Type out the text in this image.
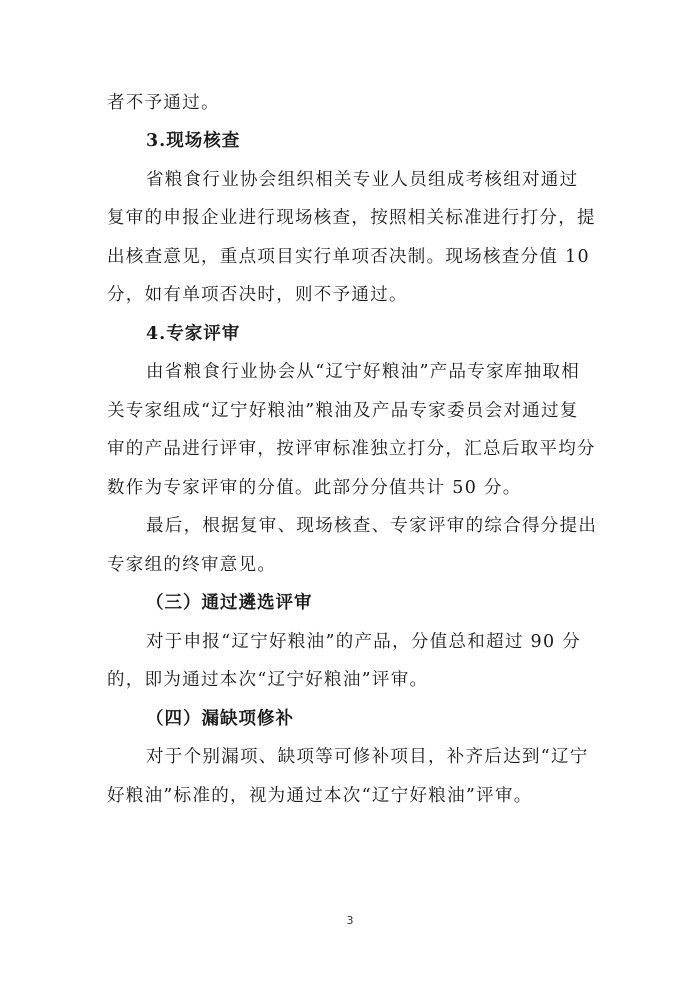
者不予通过。
3.现场核查
省粮食行业协会组织相关专业人员组成考核组对通过
复审的申报企业进行现场核查，按照相关标准进行打分，提
出核查意见，重点项目实行单项否决制。现场核查分值 10
分，如有单项否决时，则不予通过。
4.专家评审
由省粮食行业协会从“辽宁好粮油”产品专家库抽取相
关专家组成“辽宁好粮油”粮油及产品专家委员会对通过复
审的产品进行评审，按评审标准独立打分，汇总后取平均分
数作为专家评审的分值。此部分分值共计 50 分。
最后，根据复审、现场核查、专家评审的综合得分提出
专家组的终审意见。
（三）通过遴选评审
对于申报“辽宁好粮油”的产品，分值总和超过 90 分
的，即为通过本次“辽宁好粮油”评审。
（四）漏缺项修补
对于个别漏项、缺项等可修补项目，补齐后达到“辽宁
好粮油”标准的，视为通过本次“辽宁好粮油”评审。
3
